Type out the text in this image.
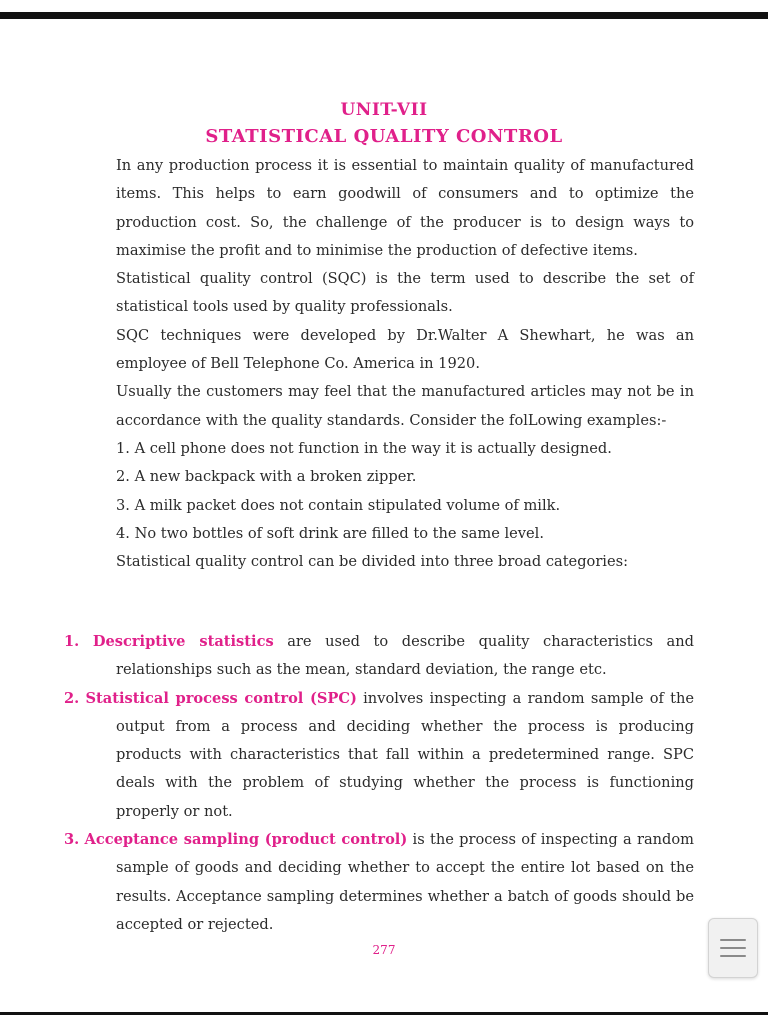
UNIT-VII
STATISTICAL QUALITY CONTROL

In any production process it is essential to maintain quality of manufactured items. This helps to earn goodwill of consumers and to optimize the production cost. So, the challenge of the producer is to design ways to maximise the profit and to minimise the production of defective items.

Statistical quality control (SQC) is the term used to describe the set of statistical tools used by quality professionals.

SQC techniques were developed by Dr.Walter A Shewhart, he was an employee of Bell Telephone Co. America in 1920.

Usually the customers may feel that the manufactured articles may not be in accordance with the quality standards. Consider the folLowing examples:-

1. A cell phone does not function in the way it is actually designed.

2. A new backpack with a broken zipper.

3. A milk packet does not contain stipulated volume of milk.

4. No two bottles of soft drink are filled to the same level.

Statistical quality control can be divided into three broad categories:

1. Descriptive statistics are used to describe quality characteristics and relationships such as the mean, standard deviation, the range etc.

2. Statistical process control (SPC) involves inspecting a random sample of the output from a process and deciding whether the process is producing products with characteristics that fall within a predetermined range. SPC deals with the problem of studying whether the process is functioning properly or not.

3. Acceptance sampling (product control) is the process of inspecting a random sample of goods and deciding whether to accept the entire lot based on the results. Acceptance sampling determines whether a batch of goods should be accepted or rejected.

277
